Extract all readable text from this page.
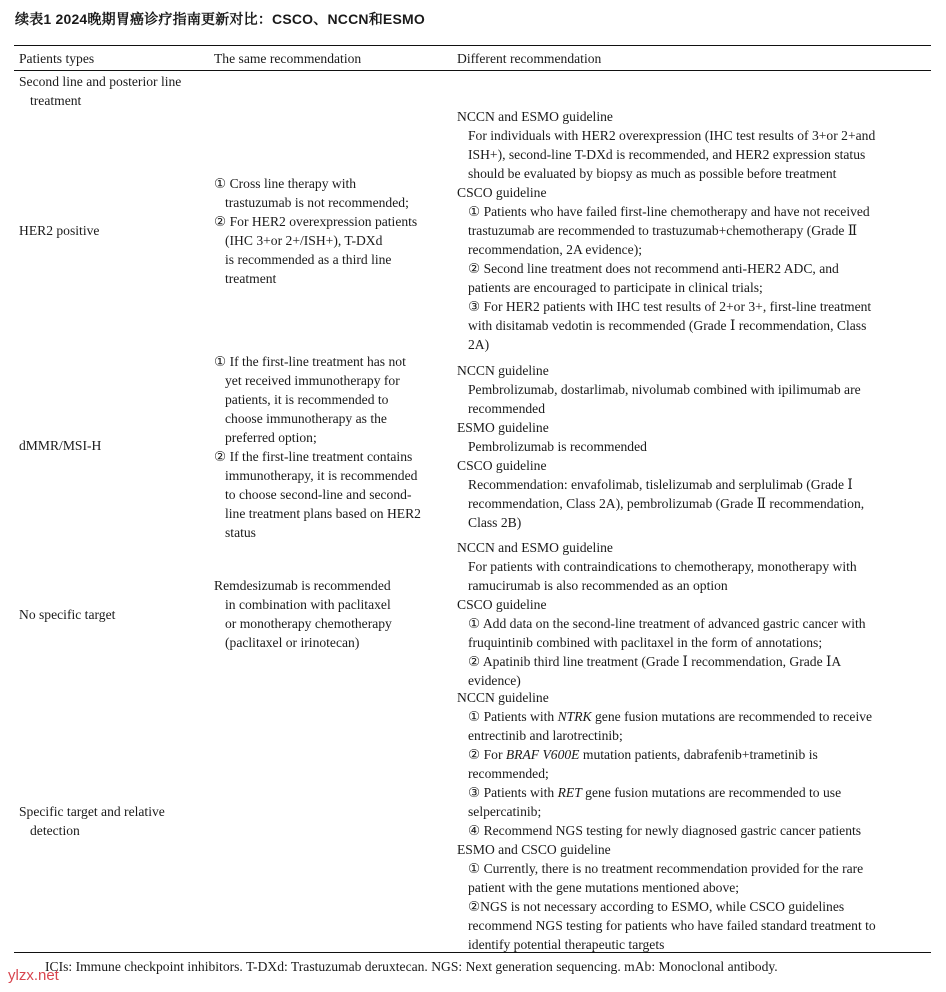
续表1 2024晚期胃癌诊疗指南更新对比：CSCO、NCCN和ESMO
Patients types	The same recommendation	Different recommendation
Second line and posterior line
treatment
HER2 positive
① Cross line therapy with
trastuzumab is not recommended;
② For HER2 overexpression patients
(IHC 3+or 2+/ISH+), T-DXd
is recommended as a third line
treatment
NCCN and ESMO guideline
For individuals with HER2 overexpression (IHC test results of 3+or 2+and
ISH+), second-line T-DXd is recommended, and HER2 expression status
should be evaluated by biopsy as much as possible before treatment
CSCO guideline
① Patients who have failed first-line chemotherapy and have not received
trastuzumab are recommended to trastuzumab+chemotherapy (Grade Ⅱ
recommendation, 2A evidence);
② Second line treatment does not recommend anti-HER2 ADC, and
patients are encouraged to participate in clinical trials;
③ For HER2 patients with IHC test results of 2+or 3+, first-line treatment
with disitamab vedotin is recommended (Grade Ⅰ recommendation, Class
2A)
dMMR/MSI-H
① If the first-line treatment has not
yet received immunotherapy for
patients, it is recommended to
choose immunotherapy as the
preferred option;
② If the first-line treatment contains
immunotherapy, it is recommended
to choose second-line and second-
line treatment plans based on HER2
status
NCCN guideline
Pembrolizumab, dostarlimab, nivolumab combined with ipilimumab are
recommended
ESMO guideline
Pembrolizumab is recommended
CSCO guideline
Recommendation: envafolimab, tislelizumab and serplulimab (Grade Ⅰ
recommendation, Class 2A), pembrolizumab (Grade Ⅱ recommendation,
Class 2B)
No specific target
Remdesizumab is recommended
in combination with paclitaxel
or monotherapy chemotherapy
(paclitaxel or irinotecan)
NCCN and ESMO guideline
For patients with contraindications to chemotherapy, monotherapy with
ramucirumab is also recommended as an option
CSCO guideline
① Add data on the second-line treatment of advanced gastric cancer with
fruquintinib combined with paclitaxel in the form of annotations;
② Apatinib third line treatment (Grade Ⅰ recommendation, Grade ⅠA
evidence)
Specific target and relative
detection
NCCN guideline
① Patients with NTRK gene fusion mutations are recommended to receive
entrectinib and larotrectinib;
② For BRAF V600E mutation patients, dabrafenib+trametinib is
recommended;
③ Patients with RET gene fusion mutations are recommended to use
selpercatinib;
④ Recommend NGS testing for newly diagnosed gastric cancer patients
ESMO and CSCO guideline
① Currently, there is no treatment recommendation provided for the rare
patient with the gene mutations mentioned above;
②NGS is not necessary according to ESMO, while CSCO guidelines
recommend NGS testing for patients who have failed standard treatment to
identify potential therapeutic targets
ICIs: Immune checkpoint inhibitors. T-DXd: Trastuzumab deruxtecan. NGS: Next generation sequencing. mAb: Monoclonal antibody.
ylzx.net
